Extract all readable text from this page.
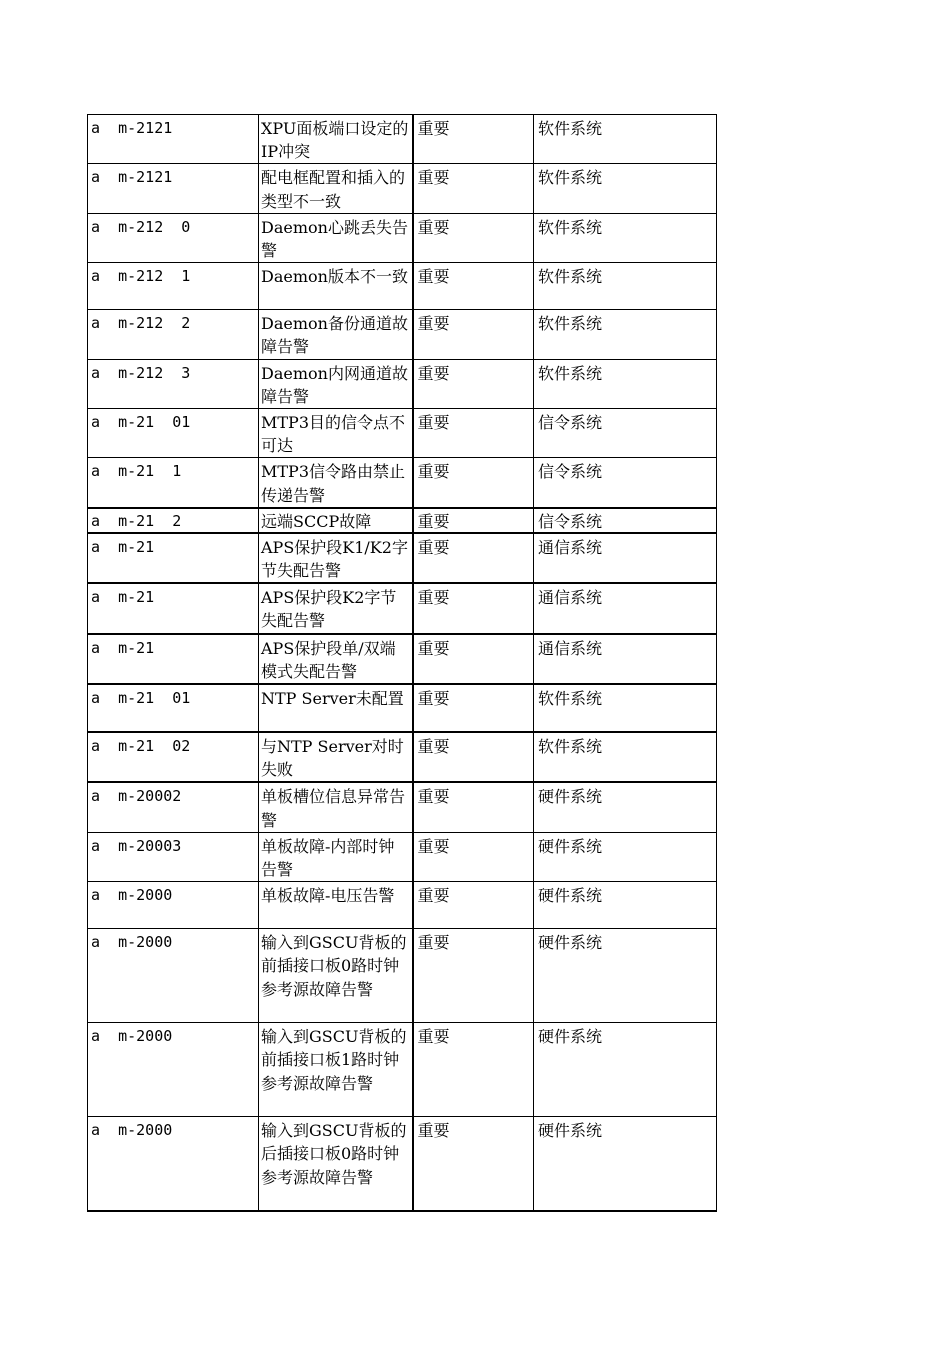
a  m-2121	XPU面板端口设定的IP冲突	重要	软件系统
a  m-2121	配电框配置和插入的类型不一致	重要	软件系统
a  m-212  0	Daemon心跳丢失告警	重要	软件系统
a  m-212  1	Daemon版本不一致	重要	软件系统
a  m-212  2	Daemon备份通道故障告警	重要	软件系统
a  m-212  3	Daemon内网通道故障告警	重要	软件系统
a  m-21  01	MTP3目的信令点不可达	重要	信令系统
a  m-21  1	MTP3信令路由禁止传递告警	重要	信令系统
a  m-21  2	远端SCCP故障	重要	信令系统
a  m-21	APS保护段K1/K2字节失配告警	重要	通信系统
a  m-21	APS保护段K2字节失配告警	重要	通信系统
a  m-21	APS保护段单/双端模式失配告警	重要	通信系统
a  m-21  01	NTP Server未配置	重要	软件系统
a  m-21  02	与NTP Server对时失败	重要	软件系统
a  m-20002	单板槽位信息异常告警	重要	硬件系统
a  m-20003	单板故障-内部时钟告警	重要	硬件系统
a  m-2000	单板故障-电压告警	重要	硬件系统
a  m-2000	输入到GSCU背板的前插接口板0路时钟参考源故障告警	重要	硬件系统
a  m-2000	输入到GSCU背板的前插接口板1路时钟参考源故障告警	重要	硬件系统
a  m-2000	输入到GSCU背板的后插接口板0路时钟参考源故障告警	重要	硬件系统
